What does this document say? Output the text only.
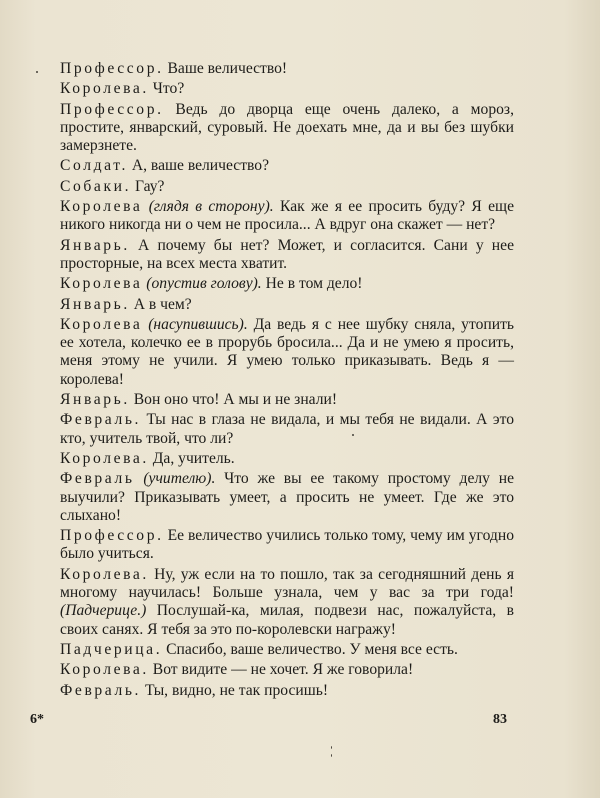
Профессор. Ваше величество!

Королева. Что?

Профессор. Ведь до дворца еще очень далеко, а мороз, простите, январский, суровый. Не доехать мне, да и вы без шубки замерзнете.

Солдат. А, ваше величество?

Собаки. Гау?

Королева (глядя в сторону). Как же я ее просить буду? Я еще никого никогда ни о чем не просила... А вдруг она скажет — нет?

Январь. А почему бы нет? Может, и согласится. Сани у нее просторные, на всех места хватит.

Королева (опустив голову). Не в том дело!

Январь. А в чем?

Королева (насупившись). Да ведь я с нее шубку сняла, утопить ее хотела, колечко ее в прорубь бросила... Да и не умею я просить, меня этому не учили. Я умею только приказывать. Ведь я — королева!

Январь. Вон оно что! А мы и не знали!

Февраль. Ты нас в глаза не видала, и мы тебя не видали. А это кто, учитель твой, что ли?

Королева. Да, учитель.

Февраль (учителю). Что же вы ее такому простому делу не выучили? Приказывать умеет, а просить не умеет. Где же это слыхано!

Профессор. Ее величество учились только тому, чему им угодно было учиться.

Королева. Ну, уж если на то пошло, так за сегодняшний день я многому научилась! Больше узнала, чем у вас за три года! (Падчерице.) Послушай-ка, милая, подвези нас, пожалуйста, в своих санях. Я тебя за это по-королевски награжу!

Падчерица. Спасибо, ваше величество. У меня все есть.

Королева. Вот видите — не хочет. Я же говорила!

Февраль. Ты, видно, не так просишь!

6*	83
